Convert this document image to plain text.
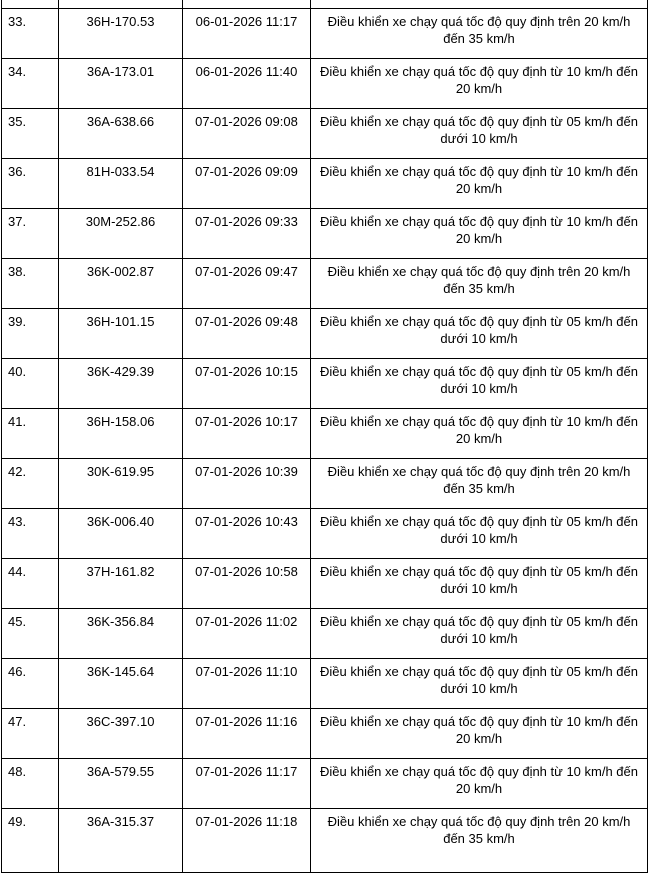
33.	36H-170.53	06-01-2026 11:17	Điều khiển xe chạy quá tốc độ quy định trên 20 km/h đến 35 km/h
34.	36A-173.01	06-01-2026 11:40	Điều khiển xe chạy quá tốc độ quy định từ 10 km/h đến 20 km/h
35.	36A-638.66	07-01-2026 09:08	Điều khiển xe chạy quá tốc độ quy định từ 05 km/h đến dưới 10 km/h
36.	81H-033.54	07-01-2026 09:09	Điều khiển xe chạy quá tốc độ quy định từ 10 km/h đến 20 km/h
37.	30M-252.86	07-01-2026 09:33	Điều khiển xe chạy quá tốc độ quy định từ 10 km/h đến 20 km/h
38.	36K-002.87	07-01-2026 09:47	Điều khiển xe chạy quá tốc độ quy định trên 20 km/h đến 35 km/h
39.	36H-101.15	07-01-2026 09:48	Điều khiển xe chạy quá tốc độ quy định từ 05 km/h đến dưới 10 km/h
40.	36K-429.39	07-01-2026 10:15	Điều khiển xe chạy quá tốc độ quy định từ 05 km/h đến dưới 10 km/h
41.	36H-158.06	07-01-2026 10:17	Điều khiển xe chạy quá tốc độ quy định từ 10 km/h đến 20 km/h
42.	30K-619.95	07-01-2026 10:39	Điều khiển xe chạy quá tốc độ quy định trên 20 km/h đến 35 km/h
43.	36K-006.40	07-01-2026 10:43	Điều khiển xe chạy quá tốc độ quy định từ 05 km/h đến dưới 10 km/h
44.	37H-161.82	07-01-2026 10:58	Điều khiển xe chạy quá tốc độ quy định từ 05 km/h đến dưới 10 km/h
45.	36K-356.84	07-01-2026 11:02	Điều khiển xe chạy quá tốc độ quy định từ 05 km/h đến dưới 10 km/h
46.	36K-145.64	07-01-2026 11:10	Điều khiển xe chạy quá tốc độ quy định từ 05 km/h đến dưới 10 km/h
47.	36C-397.10	07-01-2026 11:16	Điều khiển xe chạy quá tốc độ quy định từ 10 km/h đến 20 km/h
48.	36A-579.55	07-01-2026 11:17	Điều khiển xe chạy quá tốc độ quy định từ 10 km/h đến 20 km/h
49.	36A-315.37	07-01-2026 11:18	Điều khiển xe chạy quá tốc độ quy định trên 20 km/h đến 35 km/h
